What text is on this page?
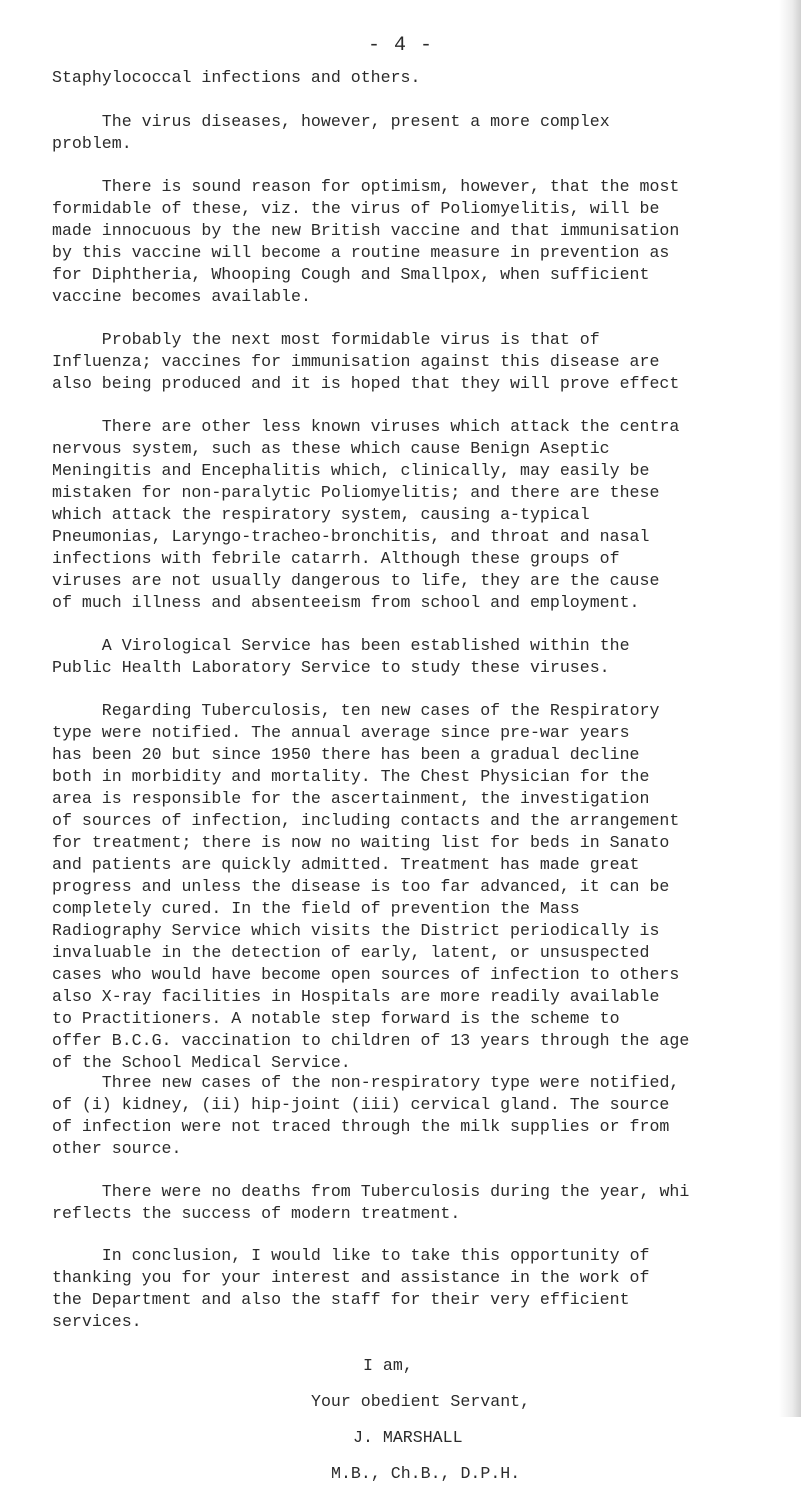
- 4 -

Staphylococcal infections and others.

The virus diseases, however, present a more complex
problem.

There is sound reason for optimism, however, that the most
formidable of these, viz. the virus of Poliomyelitis, will be
made innocuous by the new British vaccine and that immunisation
by this vaccine will become a routine measure in prevention as
for Diphtheria, Whooping Cough and Smallpox, when sufficient
vaccine becomes available.

Probably the next most formidable virus is that of
Influenza; vaccines for immunisation against this disease are
also being produced and it is hoped that they will prove effect

There are other less known viruses which attack the centra
nervous system, such as these which cause Benign Aseptic
Meningitis and Encephalitis which, clinically, may easily be
mistaken for non-paralytic Poliomyelitis; and there are these
which attack the respiratory system, causing a-typical
Pneumonias, Laryngo-tracheo-bronchitis, and throat and nasal
infections with febrile catarrh. Although these groups of
viruses are not usually dangerous to life, they are the cause
of much illness and absenteeism from school and employment.

A Virological Service has been established within the
Public Health Laboratory Service to study these viruses.

Regarding Tuberculosis, ten new cases of the Respiratory
type were notified. The annual average since pre-war years
has been 20 but since 1950 there has been a gradual decline
both in morbidity and mortality. The Chest Physician for the
area is responsible for the ascertainment, the investigation
of sources of infection, including contacts and the arrangement
for treatment; there is now no waiting list for beds in Sanato
and patients are quickly admitted. Treatment has made great
progress and unless the disease is too far advanced, it can be
completely cured. In the field of prevention the Mass
Radiography Service which visits the District periodically is
invaluable in the detection of early, latent, or unsuspected
cases who would have become open sources of infection to others
also X-ray facilities in Hospitals are more readily available
to Practitioners. A notable step forward is the scheme to
offer B.C.G. vaccination to children of 13 years through the age
of the School Medical Service.

Three new cases of the non-respiratory type were notified,
of (i) kidney, (ii) hip-joint (iii) cervical gland. The source
of infection were not traced through the milk supplies or from
other source.

There were no deaths from Tuberculosis during the year, whi
reflects the success of modern treatment.

In conclusion, I would like to take this opportunity of
thanking you for your interest and assistance in the work of
the Department and also the staff for their very efficient
services.

I am,
Your obedient Servant,
J. MARSHALL
M.B., Ch.B., D.P.H.
